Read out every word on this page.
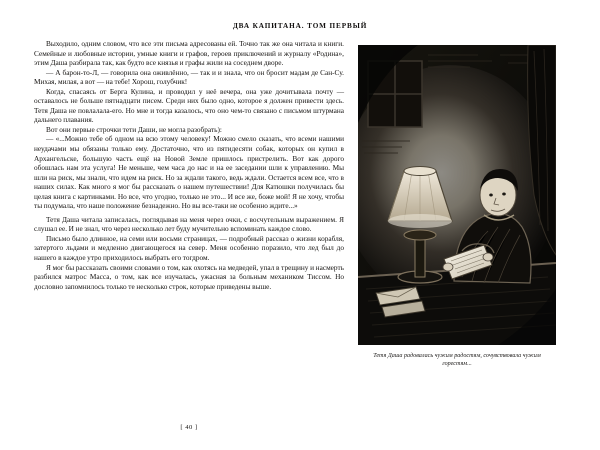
ДВА КАПИТАНА. ТОМ ПЕРВЫЙ

Выходило, одним словом, что все эти письма адресованы ей. Точно так же она читала и книги. Семейные и любовные истории, умные книги и графов, героев приключений и журналу «Родина», этим Даша разбирала так, как будто все князья и графы жили на соседнем дворе.

— А барон-то-Л, — говорила она оживлённо, — так и и знала, что он бросит мадам де Сан-Су. Михая, милая, а вот — на тебе! Хорош, голубчик!

Когда, спасаясь от Берга Кулина, и проводил у неё вечера, она уже дочитывала почту — оставалось не больше пятнадцати писем. Среди них было одно, которое я должен привести здесь. Тетя Даша не повлалала-его. Но мне и тогда казалось, что оно чем-то связано с письмом штурмана дальнего плавания.

Вот они первые строчки тети Даши, не могла разобрать):

— «...Можно тебе об одном на всю этому человеку! Можно смело сказать, что всеми нашими неудачами мы обязаны только ему. Достаточно, что из пятидесяти собак, которых он купил в Архангельске, большую часть ещё на Новой Земле пришлось пристрелить. Вот как дорого обошлась нам эта услуга! Не меньше, чем часа до нас и на ее заседании шли к управлению. Мы шли на риск, мы знали, что идем на риск. Но за ждали такого, ведь ждали. Остается всем все, что в наших силах. Как много я мог бы рассказать о нашем путешествии! Для Катюшки получилась бы целая книга с картинками. Но все, что угодно, только не это... И все же, боже мой! Я не хочу, чтобы ты подумала, что наше положение безнадежно. Но вы все-таки не особенно ждите...»

Тетя Даша читала записалась, поглядывая на меня через очки, с восчутельным выражением. Я слушал ее. И не знал, что через несколько лет буду мучительно вспоминать каждое слово.

Письмо было длинное, на семи или восьми страницах, — подробный рассказ о жизни корабля, затертого льдами и медленно двигающегося на север. Меня особенно поразило, что лед был до нашего в каждое утро приходилось выбрать его тогдром.

Я мог бы рассказать своими словами о том, как охотясь на медведей, упал в трещину и насмерть разбился матрос Масса, о том, как все изучалась, ужасная за больным механиком Тиссом. Но дословно запомнилось только те несколько строк, которые приведены выше.

Тетя Даша радовалась чужим радостям, сочувствовала чужим горестям...
[ 40 ]
